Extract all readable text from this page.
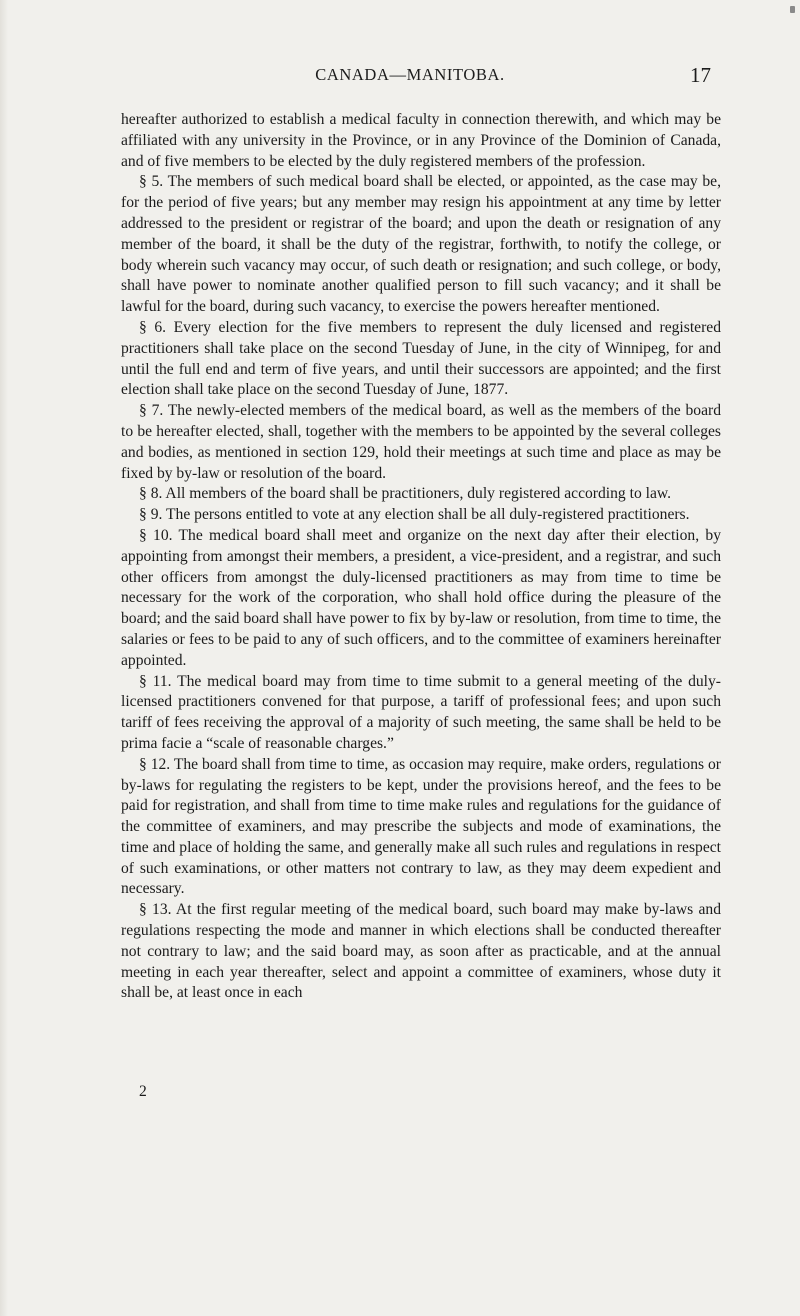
CANADA—MANITOBA.	17

hereafter authorized to establish a medical faculty in connection therewith, and which may be affiliated with any university in the Province, or in any Province of the Dominion of Canada, and of five members to be elected by the duly registered members of the profession.

§ 5. The members of such medical board shall be elected, or appointed, as the case may be, for the period of five years; but any member may resign his appointment at any time by letter addressed to the president or registrar of the board; and upon the death or resignation of any member of the board, it shall be the duty of the registrar, forthwith, to notify the college, or body wherein such vacancy may occur, of such death or resignation; and such college, or body, shall have power to nominate another qualified person to fill such vacancy; and it shall be lawful for the board, during such vacancy, to exercise the powers hereafter mentioned.

§ 6. Every election for the five members to represent the duly licensed and registered practitioners shall take place on the second Tuesday of June, in the city of Winnipeg, for and until the full end and term of five years, and until their successors are appointed; and the first election shall take place on the second Tuesday of June, 1877.

§ 7. The newly-elected members of the medical board, as well as the members of the board to be hereafter elected, shall, together with the members to be appointed by the several colleges and bodies, as mentioned in section 129, hold their meetings at such time and place as may be fixed by by-law or resolution of the board.

§ 8. All members of the board shall be practitioners, duly registered according to law.

§ 9. The persons entitled to vote at any election shall be all duly-registered practitioners.

§ 10. The medical board shall meet and organize on the next day after their election, by appointing from amongst their members, a president, a vice-president, and a registrar, and such other officers from amongst the duly-licensed practitioners as may from time to time be necessary for the work of the corporation, who shall hold office during the pleasure of the board; and the said board shall have power to fix by by-law or resolution, from time to time, the salaries or fees to be paid to any of such officers, and to the committee of examiners hereinafter appointed.

§ 11. The medical board may from time to time submit to a general meeting of the duly-licensed practitioners convened for that purpose, a tariff of professional fees; and upon such tariff of fees receiving the approval of a majority of such meeting, the same shall be held to be prima facie a “scale of reasonable charges.”

§ 12. The board shall from time to time, as occasion may require, make orders, regulations or by-laws for regulating the registers to be kept, under the provisions hereof, and the fees to be paid for registration, and shall from time to time make rules and regulations for the guidance of the committee of examiners, and may prescribe the subjects and mode of examinations, the time and place of holding the same, and generally make all such rules and regulations in respect of such examinations, or other matters not contrary to law, as they may deem expedient and necessary.

§ 13. At the first regular meeting of the medical board, such board may make by-laws and regulations respecting the mode and manner in which elections shall be conducted thereafter not contrary to law; and the said board may, as soon after as practicable, and at the annual meeting in each year thereafter, select and appoint a committee of examiners, whose duty it shall be, at least once in each

2
